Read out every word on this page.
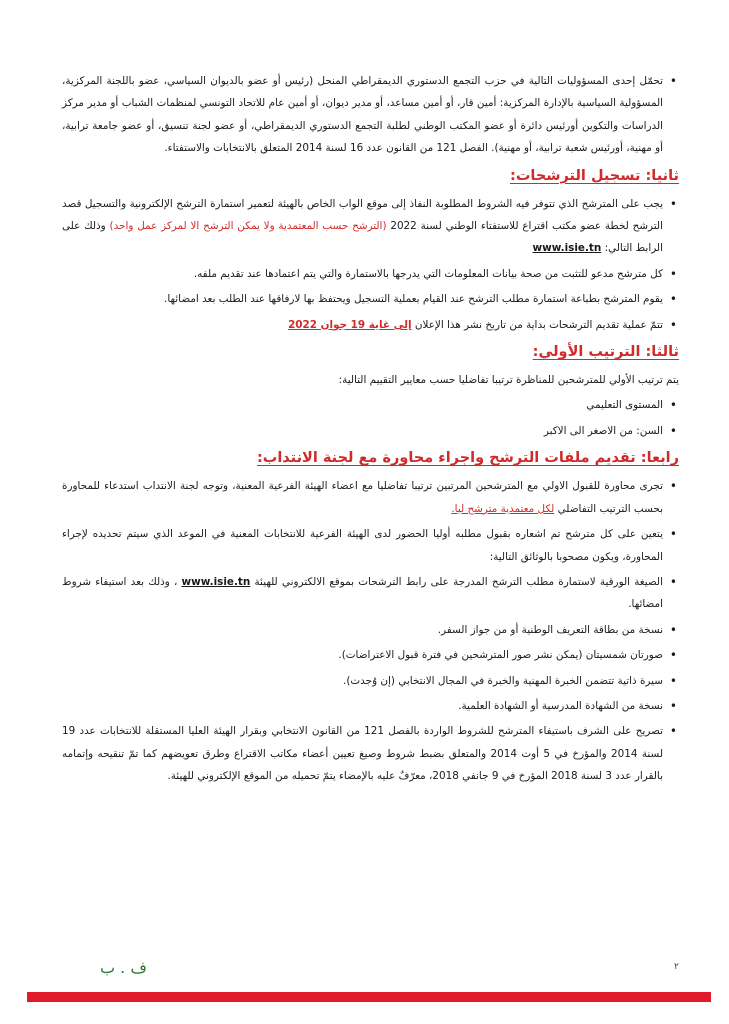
• تحمّل إحدى المسؤوليات التالية في حزب التجمع الدستوري الديمقراطي المنحل (رئيس أو عضو بالديوان السياسي، عضو باللجنة المركزية، المسؤولية السياسية بالإدارة المركزية: أمين قار، أو أمين مساعد، أو مدير ديوان، أو أمين عام للاتحاد التونسي لمنظمات الشباب أو مدير مركز الدراسات والتكوين أورئيس دائرة أو عضو المكتب الوطني لطلبة التجمع الدستوري الديمقراطي، أو عضو لجنة تنسيق، أو عضو جامعة ترابية، أو مهنية، أورئيس شعبة ترابية، أو مهنية). الفصل 121 من القانون عدد 16 لسنة 2014 المتعلق بالانتخابات والاستفتاء.

ثانيا: تسجيل الترشحات:

• يجب على المترشح الذي تتوفر فيه الشروط المطلوبة النفاذ إلى موقع الواب الخاص بالهيئة لتعمير استمارة الترشح الإلكترونية والتسجيل قصد الترشح لخطة عضو مكتب اقتراع للاستفتاء الوطني لسنة 2022 (الترشح حسب المعتمدية ولا يمكن الترشح الا لمركز عمل واحد) وذلك على الرابط التالي: www.isie.tn

• كل مترشح مدعو للتثبت من صحة بيانات المعلومات التي يدرجها بالاستمارة والتي يتم اعتمادها عند تقديم ملفه.

• يقوم المترشح بطباعة استمارة مطلب الترشح عند القيام بعملية التسجيل ويحتفظ بها لارفاقها عند الطلب بعد امضائها.

• تتمّ عملية تقديم الترشحات بداية من تاريخ نشر هذا الإعلان إلى غاية 19 جوان 2022

ثالثا: الترتيب الأولي:

يتم ترتيب الأولي للمترشحين للمناظرة ترتيبا تفاضليا حسب معايير التقييم التالية:

• المستوى التعليمي

• السن: من الاصغر الى الاكبر

رابعا: تقديم ملفات الترشح واجراء محاورة مع لجنة الانتداب:

• تجرى محاورة للقبول الاولي مع المترشحين المرتبين ترتيبا تفاضليا مع اعضاء الهيئة الفرعية المعنية، وتوجه لجنة الانتداب استدعاء للمحاورة بحسب الترتيب التفاضلي لكل معتمدية مترشح ليا.

• يتعين على كل مترشح تم اشعاره بقبول مطلبه أوليا الحضور لدى الهيئة الفرعية للانتخابات المعنية في الموعد الذي سيتم تحديده لإجراء المحاورة، ويكون مصحوبا بالوثائق التالية:

• الصيغة الورقية لاستمارة مطلب الترشح المدرجة على رابط الترشحات بموقع الالكتروني للهيئة www.isie.tn ، وذلك بعد استيفاء شروط امضائها.

• نسخة من بطاقة التعريف الوطنية أو من جواز السفر.

• صورتان شمسيتان (يمكن نشر صور المترشحين في فترة قبول الاعتراضات).

• سيرة ذاتية تتضمن الخبرة المهنية والخبرة في المجال الانتخابي (إن وُجدت).

• نسخة من الشهادة المدرسية أو الشهادة العلمية.

• تصريح على الشرف باستيفاء المترشح للشروط الواردة بالفصل 121 من القانون الانتخابي وبقرار الهيئة العليا المستقلة للانتخابات عدد 19 لسنة 2014 والمؤرخ في 5 أوت 2014 والمتعلق بضبط شروط وصيغ تعيين أعضاء مكاتب الاقتراع وطرق تعويضهم كما تمّ تنقيحه وإتمامه بالقرار عدد 3 لسنة 2018 المؤرخ في 9 جانفي 2018، معرّفٌ عليه بالإمضاء يتمّ تحميله من الموقع الإلكتروني للهيئة.

٢
ف . ب
